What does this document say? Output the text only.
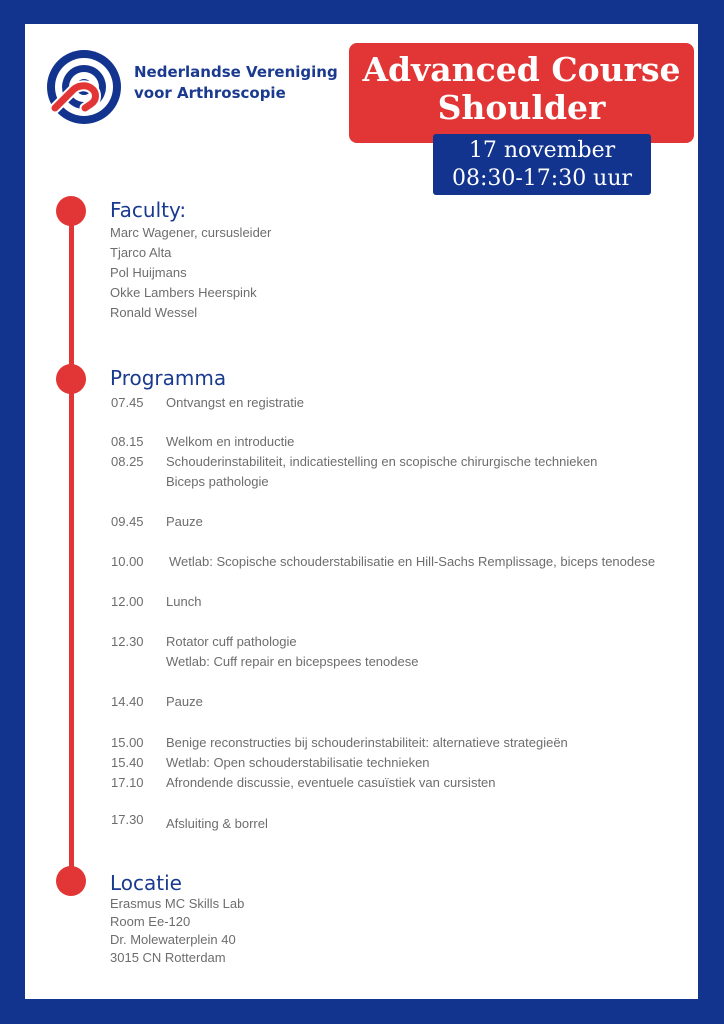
Nederlandse Vereniging
voor Arthroscopie
Advanced Course
Shoulder
17 november
08:30-17:30 uur
Faculty:
Marc Wagener, cursusleider
Tjarco Alta
Pol Huijmans
Okke Lambers Heerspink
Ronald Wessel
Programma
07.45 Ontvangst en registratie
08.15 Welkom en introductie
08.25 Schouderinstabiliteit, indicatiestelling en scopische chirurgische technieken
Biceps pathologie
09.45 Pauze
10.00 Wetlab: Scopische schouderstabilisatie en Hill-Sachs Remplissage, biceps tenodese
12.00 Lunch
12.30 Rotator cuff pathologie
Wetlab: Cuff repair en bicepspees tenodese
14.40 Pauze
15.00 Benige reconstructies bij schouderinstabiliteit: alternatieve strategieën
15.40 Wetlab: Open schouderstabilisatie technieken
17.10 Afrondende discussie, eventuele casuïstiek van cursisten
17.30 Afsluiting & borrel
Locatie
Erasmus MC Skills Lab
Room Ee-120
Dr. Molewaterplein 40
3015 CN Rotterdam
